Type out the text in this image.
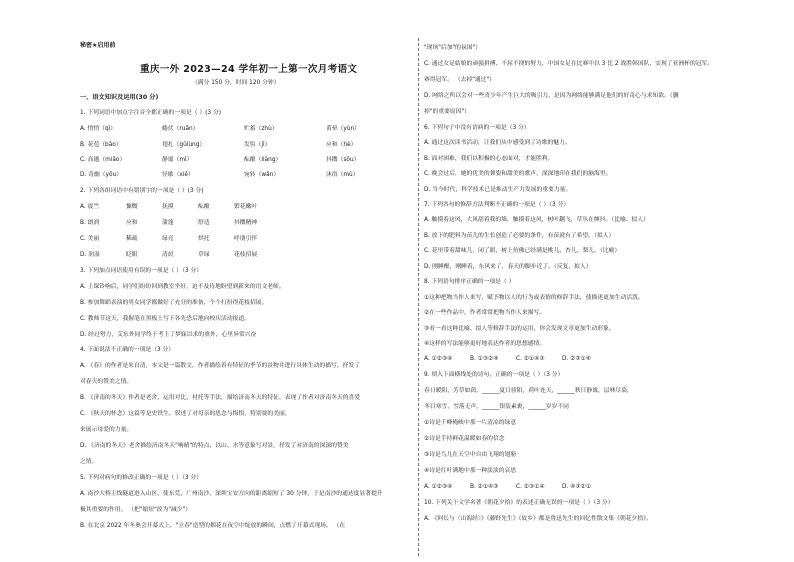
秘密★启用前
重庆一外 2023—24 学年初一上第一次月考语文
（满分 150 分，时间 120 分钟）
一、语文知识及运用(30 分)
1. 下列词语中加点字注音全都正确的一项是（ ）(3 分)
A. 悄悄（qì）	蜷伏（ruǎn）	贮蓄（zhù）	黄晕（yùn）
B. 花苞（bāo）	翅扎（gǔlùng）	发髻（jì）	应和（hè）
C. 高邈（miǎo）	静谧（mì）	酝酿（liàng）	抖擞（sǒu）
D. 奇幽（yōu）	径歇（xiē）	宛转（wǎn）	沐浴（mù）
2. 下列各组词语中有错别字的一项是（ ）(3 分)
A. 震竺	慷慨	抚摸	酝酿	繁花嫩叶
B. 朗润	应和	蒲蓬	舒适	抖擞精神
C. 美丽	稀疏	绿亮	烘托	呼朋引伴
D. 润湿	眨眼	清晨	草绿	花枝招展
3. 下列加点词语使用有误的一项是（ ）（3 分）
A. 上课铃响后，同学们纷纷回到教室坐好，迫不及待地盼望到新来的语文老师。
B. 参加舞蹈表演的男女同学都做好了充分的准备，个个打扮得花枝招展。
C. 教师节这天，我握笔在黑板上写下各先恐后地向校庆活动报道。
D. 经过努力，艾东外同学终于考上了梦寐以求的重外，心里异常兴奋
4. 下面说法不正确的一项是（3 分）
A. 《春》的作者是朱自清，本文是一篇散文，作者描绘着有特征的季节的景物并进行具体生动的描写，抒发了
对春天的赞美之情。
B. 《济南的冬天》作者是老舍，运用对比、衬托等手法，描绘济南冬天的特征，表现了作者对济南冬天的喜爱
C. 《秋天的怀念》这篇等是史铁生，叙述了对母亲的思念与悔恨，特别要的美丽，
来展示母爱的力量。
D. 《济南的冬天》老舍描绘济南冬天"响晴"的特点，以山、水等意象写对景，抒发了对济南的深深的赞美
之情。
5. 下列对病句的修改正确的一项是（ ）（3 分）
A. 南沙大桥主线隧道进入山区，使东莞，广州南沙、深圳宝安方向的距离缩短了 30 分钟，于是南沙的通达度显著提升
极其重要的作用。 （把"缩短"改为"减少"）
B. 在北京 2022 年冬奥会开幕式上，"立春"造型的烟花在夜空中绽放的瞬间，点燃了开幕式现场。 （在
"现场"后加"的氛围"）
C. 通过女足姑娘的顽强拼搏、不屈不挠的努力，中国女足在比赛中以 3 比 2 战胜韩国队，实现了亚洲杯的冠军。
赛得冠军。 （去掉"通过"）
D. 网络之所以会对一些青少年产生巨大的吸引力，是因为网络能够满足他们的好奇心与求知欲。（删
掉"的重要原因"）
6. 下列句子中没有语病的一项是（3 分）
A. 通过这次读书活动，让我们从中感受到了诗歌的魅力。
B. 面对困难，我们以积极的心态面对，才能胜利。
C. 晚会过后，她的优美的舞姿和甜美的歌声，深深地印在我们的脑海里。
D. 当今时代，科学技术已是推动生产力发展的重要力量。
7. 下列各句的修辞方法判断不正确的一项是（ ）（3 分）
A. 触摸着这风，大风刮着我的墙，触摸着这风，树叶翻飞，草丛在颤抖。（比喻、拟人）
B. 放下的肥料为苗儿的生长创造了必要的条件，有苗就有了希望。（拟人）
C. 花里带着甜味儿，闭了眼，树上仿佛已经满是桃儿、杏儿、梨儿。（比喻）
D. 刚睡醒，刚睡着，东风来了，春天的脚步近了。（反复、拟人）
8. 下列语句排序正确的一项是（ ）
①这种把物当作人来写，赋予物以人的行为或表情的修辞手法，使描述更加生动活泼。
②在一些作品中，作者常常把物当作人来描写。
③看一看这种比喻、拟人等修辞手法的运用，你会发现文章更加生动形象。
④这样的写法能够更好地表达作者的思想感情。
A. ①②③④	B. ①③②④	C. ②①④③	D. ②③①④
9. 填入下面横线处的诗句，正确的一项是（ ）（3 分）
春日暖阳，芳草如茵，______夏日骄阳，荷叶连天，______秋日静谧，层林尽染，
冬日寒雪，雪落无声，______银装素裹，______岁岁不同
①诗是千峰掩映中那一片清凉的绿意
②诗是手持鲜花温暖如春的信念
③诗是鸟儿在天空中自由飞翔的翅膀
④诗是红叶满地中那一种淡淡的哀思
A. ①②③④	B. ②①④③	C. ②③①④	D. ④③②①
10. 下列关于文学名著《朝花夕拾》的表述正确无误的一项是（ ）（3 分）
A. 《阿长与〈山海经〉》《藤野先生》《故乡》都是鲁迅先生的回忆性散文集《朝花夕拾》。
